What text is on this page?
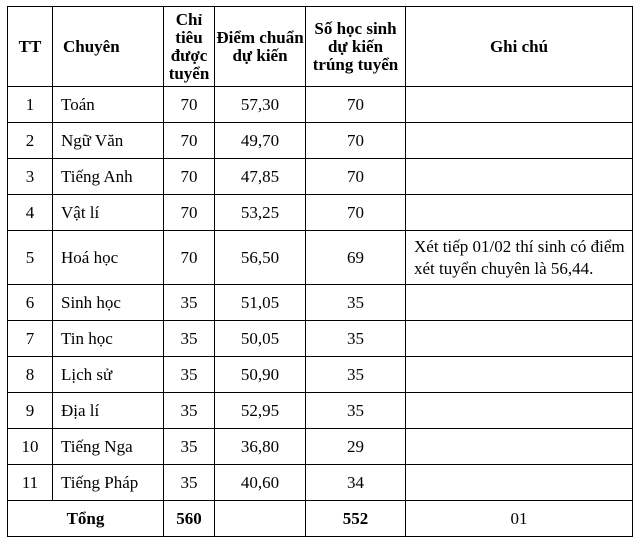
TT	Chuyên	Chỉ tiêu được tuyển	Điểm chuẩn dự kiến	Số học sinh dự kiến trúng tuyển	Ghi chú
1	Toán	70	57,30	70	
2	Ngữ Văn	70	49,70	70	
3	Tiếng Anh	70	47,85	70	
4	Vật lí	70	53,25	70	
5	Hoá học	70	56,50	69	Xét tiếp 01/02 thí sinh có điểm xét tuyển chuyên là 56,44.
6	Sinh học	35	51,05	35	
7	Tin học	35	50,05	35	
8	Lịch sử	35	50,90	35	
9	Địa lí	35	52,95	35	
10	Tiếng Nga	35	36,80	29	
11	Tiếng Pháp	35	40,60	34	
Tổng		560		552	01
